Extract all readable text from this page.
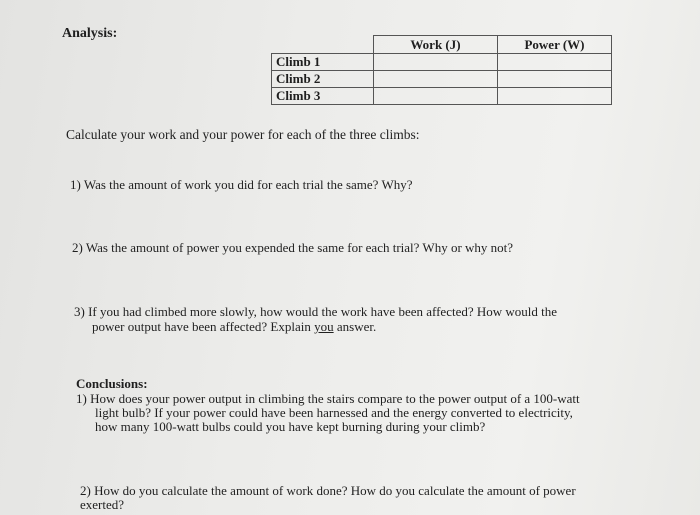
Analysis:
	Work (J)	Power (W)
Climb 1		
Climb 2		
Climb 3		
Calculate your work and your power for each of the three climbs:
1) Was the amount of work you did for each trial the same? Why?
2) Was the amount of power you expended the same for each trial? Why or why not?
3) If you had climbed more slowly, how would the work have been affected? How would the
power output have been affected? Explain you answer.
Conclusions:
1) How does your power output in climbing the stairs compare to the power output of a 100-watt
light bulb? If your power could have been harnessed and the energy converted to electricity,
how many 100-watt bulbs could you have kept burning during your climb?
2) How do you calculate the amount of work done? How do you calculate the amount of power
exerted?
